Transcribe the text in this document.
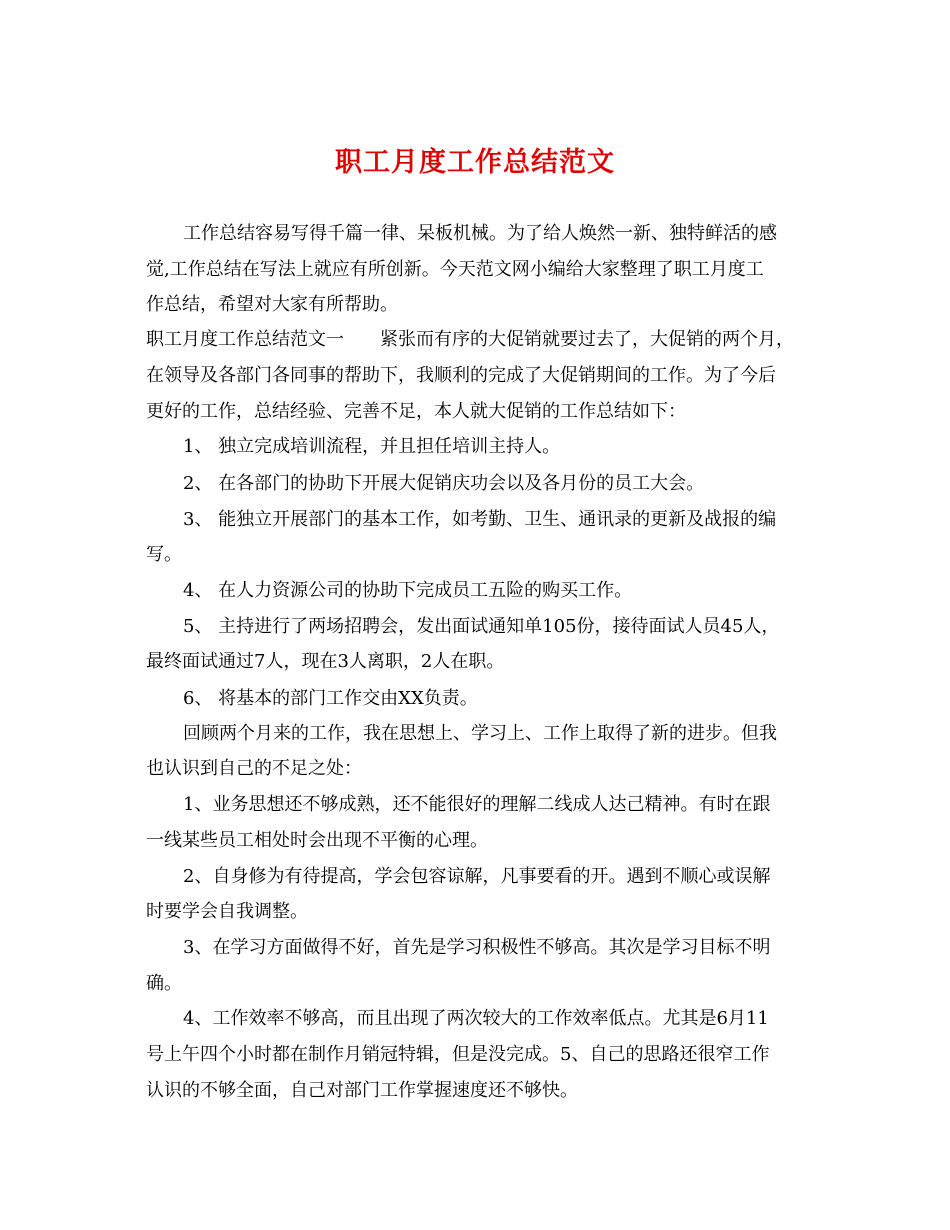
职工月度工作总结范文
工作总结容易写得千篇一律、呆板机械。为了给人焕然一新、独特鲜活的感
觉,工作总结在写法上就应有所创新。今天范文网小编给大家整理了职工月度工
作总结，希望对大家有所帮助。
职工月度工作总结范文一　　紧张而有序的大促销就要过去了，大促销的两个月，
在领导及各部门各同事的帮助下，我顺利的完成了大促销期间的工作。为了今后
更好的工作，总结经验、完善不足，本人就大促销的工作总结如下：
1、 独立完成培训流程，并且担任培训主持人。
2、 在各部门的协助下开展大促销庆功会以及各月份的员工大会。
3、 能独立开展部门的基本工作，如考勤、卫生、通讯录的更新及战报的编
写。
4、 在人力资源公司的协助下完成员工五险的购买工作。
5、 主持进行了两场招聘会，发出面试通知单105份，接待面试人员45人，
最终面试通过7人，现在3人离职，2人在职。
6、 将基本的部门工作交由XX负责。
回顾两个月来的工作，我在思想上、学习上、工作上取得了新的进步。但我
也认识到自己的不足之处：
1、业务思想还不够成熟，还不能很好的理解二线成人达己精神。有时在跟
一线某些员工相处时会出现不平衡的心理。
2、自身修为有待提高，学会包容谅解，凡事要看的开。遇到不顺心或误解
时要学会自我调整。
3、在学习方面做得不好，首先是学习积极性不够高。其次是学习目标不明
确。
4、工作效率不够高，而且出现了两次较大的工作效率低点。尤其是6月11
号上午四个小时都在制作月销冠特辑，但是没完成。5、自己的思路还很窄工作
认识的不够全面，自己对部门工作掌握速度还不够快。
